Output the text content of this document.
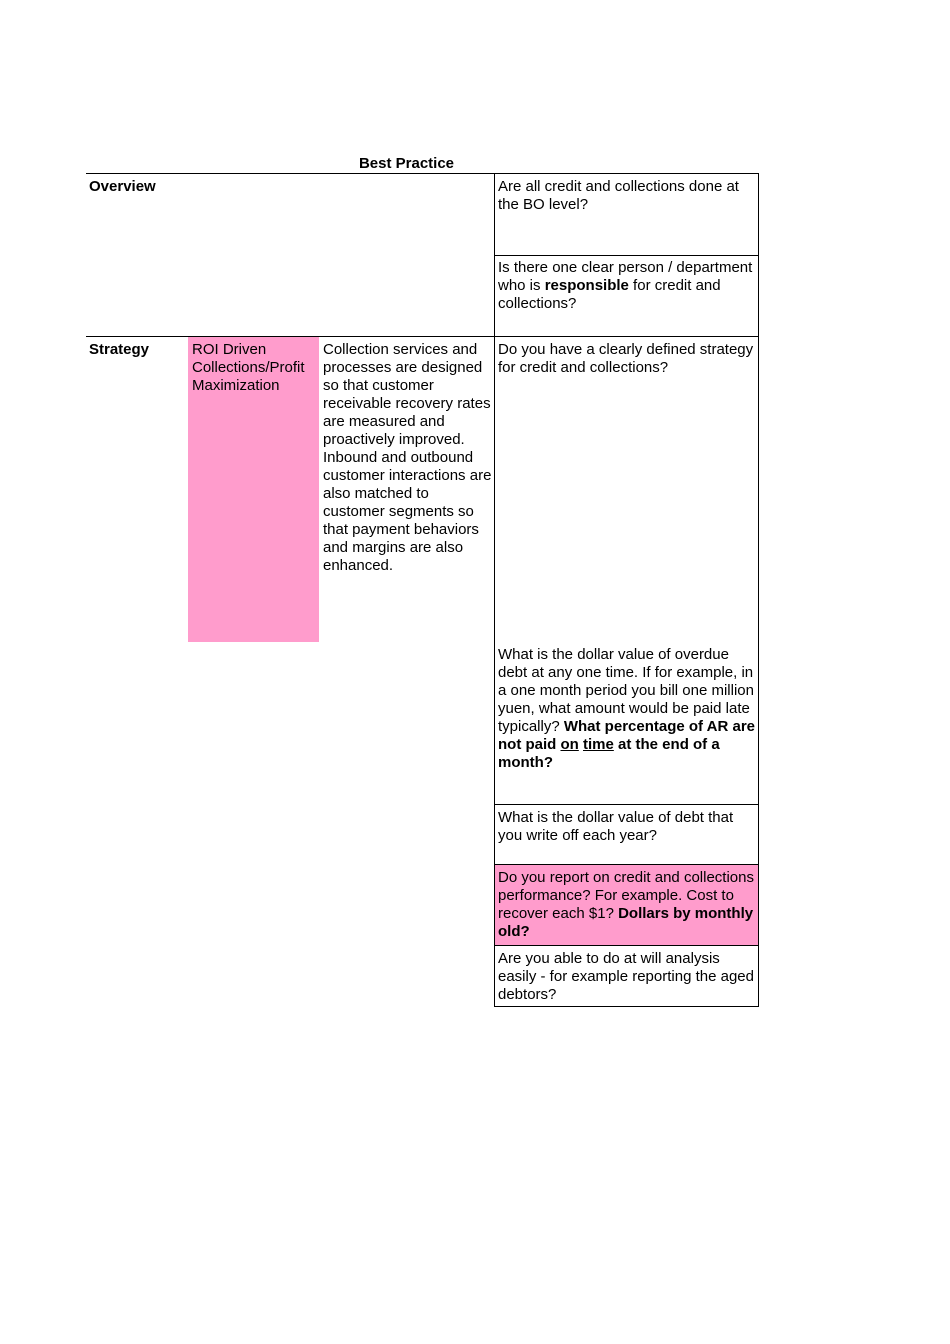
Best Practice
Overview	Are all credit and collections done at the BO level?
Is there one clear person / department who is responsible for credit and collections?
Strategy	ROI Driven Collections/Profit Maximization
Collection services and processes are designed so that customer receivable recovery rates are measured and proactively improved. Inbound and outbound customer interactions are also matched to customer segments so that payment behaviors and margins are also enhanced.
Do you have a clearly defined strategy for credit and collections?
What is the dollar value of overdue debt at any one time. If for example, in a one month period you bill one million yuen, what amount would be paid late typically? What percentage of AR are not paid on time at the end of a month?
What is the dollar value of debt that you write off each year?
Do you report on credit and collections performance? For example. Cost to recover each $1? Dollars by monthly old?
Are you able to do at will analysis easily - for example reporting the aged debtors?
